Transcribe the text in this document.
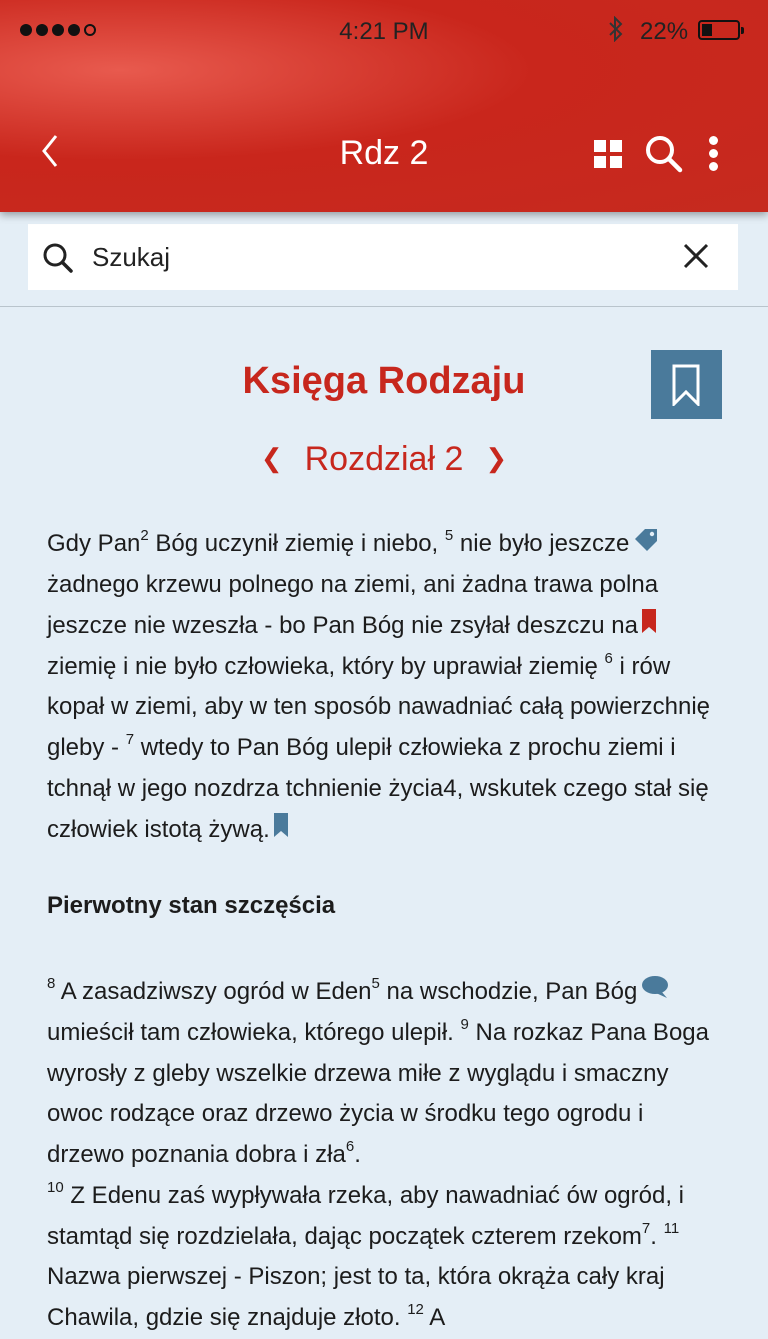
4:21 PM	22%
Rdz 2
Szukaj
Księga Rodzaju
❮ Rozdział 2 ❯
Gdy Pan$^2$ Bóg uczynił ziemię i niebo, $^5$ nie było jeszcze żadnego krzewu polnego na ziemi, ani żadna trawa polna jeszcze nie wzeszła - bo Pan Bóg nie zsyłał deszczu na ziemię i nie było człowieka, który by uprawiał ziemię $^6$ i rów kopał w ziemi, aby w ten sposób nawadniać całą powierzchnię gleby - $^7$ wtedy to Pan Bóg ulepił człowieka z prochu ziemi i tchnął w jego nozdrza tchnienie życia4, wskutek czego stał się człowiek istotą żywą.
Pierwotny stan szczęścia
$^8$ A zasadziwszy ogród w Eden$^5$ na wschodzie, Pan Bóg umieścił tam człowieka, którego ulepił. $^9$ Na rozkaz Pana Boga wyrosły z gleby wszelkie drzewa miłe z wyglądu i smaczny owoc rodzące oraz drzewo życia w środku tego ogrodu i drzewo poznania dobra i zła$^6$.
$^{10}$ Z Edenu zaś wypływała rzeka, aby nawadniać ów ogród, i stamtąd się rozdzielała, dając początek czterem rzekom$^7$. $^{11}$ Nazwa pierwszej - Piszon; jest to ta, która okrąża cały kraj Chawila, gdzie się znajduje złoto. $^{12}$ A
